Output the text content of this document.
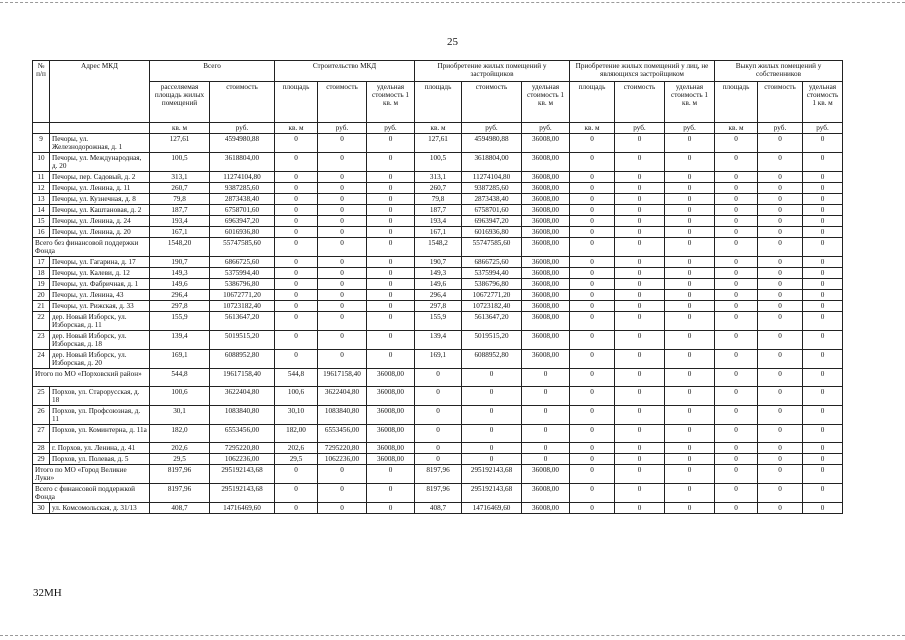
25
№ п/п	Адрес МКД	Всего		Строительство МКД			Приобретение жилых помещений у застройщиков			Приобретение жилых помещений у лиц, не являющихся застройщиком			Выкуп жилых помещений у собственников		
		расселяемая площадь жилых помещений	стоимость	площадь	стоимость	удельная стоимость 1 кв. м	площадь	стоимость	удельная стоимость 1 кв. м	площадь	стоимость	удельная стоимость 1 кв. м	площадь	стоимость	удельная стоимость 1 кв. м
		кв. м	руб.	кв. м	руб.	руб.	кв. м	руб.	руб.	кв. м	руб.	руб.	кв. м	руб.	руб.
9	Печоры, ул. Железнодорожная, д. 1	127,61	4594980,88	0	0	0	127,61	4594980,88	36008,00	0	0	0	0	0	0
10	Печоры, ул. Международная, д. 20	100,5	3618804,00	0	0	0	100,5	3618804,00	36008,00	0	0	0	0	0	0
11	Печоры, пер. Садовый, д. 2	313,1	11274104,80	0	0	0	313,1	11274104,80	36008,00	0	0	0	0	0	0
12	Печоры, ул. Ленина, д. 11	260,7	9387285,60	0	0	0	260,7	9387285,60	36008,00	0	0	0	0	0	0
13	Печоры, ул. Кузнечная, д. 8	79,8	2873438,40	0	0	0	79,8	2873438,40	36008,00	0	0	0	0	0	0
14	Печоры, ул. Каштановая, д. 2	187,7	6758701,60	0	0	0	187,7	6758701,60	36008,00	0	0	0	0	0	0
15	Печоры, ул. Ленина, д. 24	193,4	6963947,20	0	0	0	193,4	6963947,20	36008,00	0	0	0	0	0	0
16	Печоры, ул. Ленина, д. 20	167,1	6016936,80	0	0	0	167,1	6016936,80	36008,00	0	0	0	0	0	0
Всего без финансовой поддержки Фонда		1548,20	55747585,60	0	0	0	1548,2	55747585,60	36008,00	0	0	0	0	0	0
17	Печоры, ул. Гагарина, д. 17	190,7	6866725,60	0	0	0	190,7	6866725,60	36008,00	0	0	0	0	0	0
18	Печоры, ул. Калеви, д. 12	149,3	5375994,40	0	0	0	149,3	5375994,40	36008,00	0	0	0	0	0	0
19	Печоры, ул. Фабричная, д. 1	149,6	5386796,80	0	0	0	149,6	5386796,80	36008,00	0	0	0	0	0	0
20	Печоры, ул. Ленина, 43	296,4	10672771,20	0	0	0	296,4	10672771,20	36008,00	0	0	0	0	0	0
21	Печоры, ул. Рижская, д. 33	297,8	10723182,40	0	0	0	297,8	10723182,40	36008,00	0	0	0	0	0	0
22	дер. Новый Изборск, ул. Изборская, д. 11	155,9	5613647,20	0	0	0	155,9	5613647,20	36008,00	0	0	0	0	0	0
23	дер. Новый Изборск, ул. Изборская, д. 18	139,4	5019515,20	0	0	0	139,4	5019515,20	36008,00	0	0	0	0	0	0
24	дер. Новый Изборск, ул. Изборская, д. 20	169,1	6088952,80	0	0	0	169,1	6088952,80	36008,00	0	0	0	0	0	0
Итого по МО «Порховский район»		544,8	19617158,40	544,8	19617158,40	36008,00	0	0	0	0	0	0	0	0	0
25	Порхов, ул. Старорусская, д. 18	100,6	3622404,80	100,6	3622404,80	36008,00	0	0	0	0	0	0	0	0	0
26	Порхов, ул. Профсоюзная, д. 11	30,1	1083840,80	30,10	1083840,80	36008,00	0	0	0	0	0	0	0	0	0
27	Порхов, ул. Коминтерна, д. 11а	182,0	6553456,00	182,00	6553456,00	36008,00	0	0	0	0	0	0	0	0	0
28	г. Порхов, ул. Ленина, д. 41	202,6	7295220,80	202,6	7295220,80	36008,00	0	0	0	0	0	0	0	0	0
29	Порхов, ул. Полевая, д. 5	29,5	1062236,00	29,5	1062236,00	36008,00	0	0	0	0	0	0	0	0	0
Итого по МО «Город Великие Луки»		8197,96	295192143,68	0	0	0	8197,96	295192143,68	36008,00	0	0	0	0	0	0
Всего с финансовой поддержкой Фонда		8197,96	295192143,68	0	0	0	8197,96	295192143,68	36008,00	0	0	0	0	0	0
30	ул. Комсомольская, д. 31/13	408,7	14716469,60	0	0	0	408,7	14716469,60	36008,00	0	0	0	0	0	0
32МН
